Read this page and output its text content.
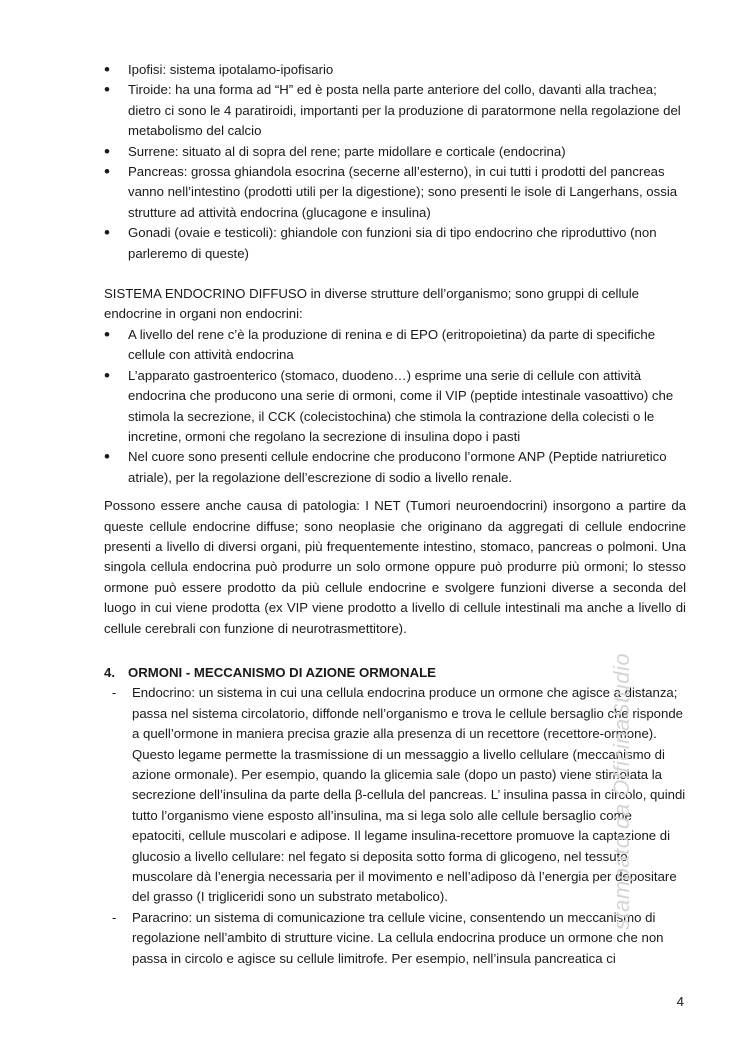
• Ipofisi: sistema ipotalamo-ipofisario
• Tiroide: ha una forma ad “H” ed è posta nella parte anteriore del collo, davanti alla trachea; dietro ci sono le 4 paratiroidi, importanti per la produzione di paratormone nella regolazione del metabolismo del calcio
• Surrene: situato al di sopra del rene; parte midollare e corticale (endocrina)
• Pancreas: grossa ghiandola esocrina (secerne all’esterno), in cui tutti i prodotti del pancreas vanno nell’intestino (prodotti utili per la digestione); sono presenti le isole di Langerhans, ossia strutture ad attività endocrina (glucagone e insulina)
• Gonadi (ovaie e testicoli): ghiandole con funzioni sia di tipo endocrino che riproduttivo (non parleremo di queste)

SISTEMA ENDOCRINO DIFFUSO in diverse strutture dell’organismo; sono gruppi di cellule endocrine in organi non endocrini:

• A livello del rene c’è la produzione di renina e di EPO (eritropoietina) da parte di specifiche cellule con attività endocrina
• L’apparato gastroenterico (stomaco, duodeno…) esprime una serie di cellule con attività endocrina che producono una serie di ormoni, come il VIP (peptide intestinale vasoattivo) che stimola la secrezione, il CCK (colecistochina) che stimola la contrazione della colecisti o le incretine, ormoni che regolano la secrezione di insulina dopo i pasti
• Nel cuore sono presenti cellule endocrine che producono l’ormone ANP (Peptide natriuretico atriale), per la regolazione dell’escrezione di sodio a livello renale.

Possono essere anche causa di patologia: I NET (Tumori neuroendocrini) insorgono a partire da queste cellule endocrine diffuse; sono neoplasie che originano da aggregati di cellule endocrine presenti a livello di diversi organi, più frequentemente intestino, stomaco, pancreas o polmoni. Una singola cellula endocrina può produrre un solo ormone oppure può produrre più ormoni; lo stesso ormone può essere prodotto da più cellule endocrine e svolgere funzioni diverse a seconda del luogo in cui viene prodotta (ex VIP viene prodotto a livello di cellule intestinali ma anche a livello di cellule cerebrali con funzione di neurotrasmettitore).

4. ORMONI - MECCANISMO DI AZIONE ORMONALE
- Endocrino: un sistema in cui una cellula endocrina produce un ormone che agisce a distanza; passa nel sistema circolatorio, diffonde nell’organismo e trova le cellule bersaglio che risponde a quell’ormone in maniera precisa grazie alla presenza di un recettore (recettore-ormone). Questo legame permette la trasmissione di un messaggio a livello cellulare (meccanismo di azione ormonale). Per esempio, quando la glicemia sale (dopo un pasto) viene stimolata la secrezione dell’insulina da parte della β-cellula del pancreas. L’ insulina passa in circolo, quindi tutto l’organismo viene esposto all’insulina, ma si lega solo alle cellule bersaglio come epatociti, cellule muscolari e adipose. Il legame insulina-recettore promuove la captazione di glucosio a livello cellulare: nel fegato si deposita sotto forma di glicogeno, nel tessuto muscolare dà l’energia necessaria per il movimento e nell’adiposo dà l’energia per depositare del grasso (I trigliceridi sono un substrato metabolico).
- Paracrino: un sistema di comunicazione tra cellule vicine, consentendo un meccanismo di regolazione nell’ambito di strutture vicine. La cellula endocrina produce un ormone che non passa in circolo e agisce su cellule limitrofe. Per esempio, nell’insula pancreatica ci
stampato da OfficinaStudio
4
